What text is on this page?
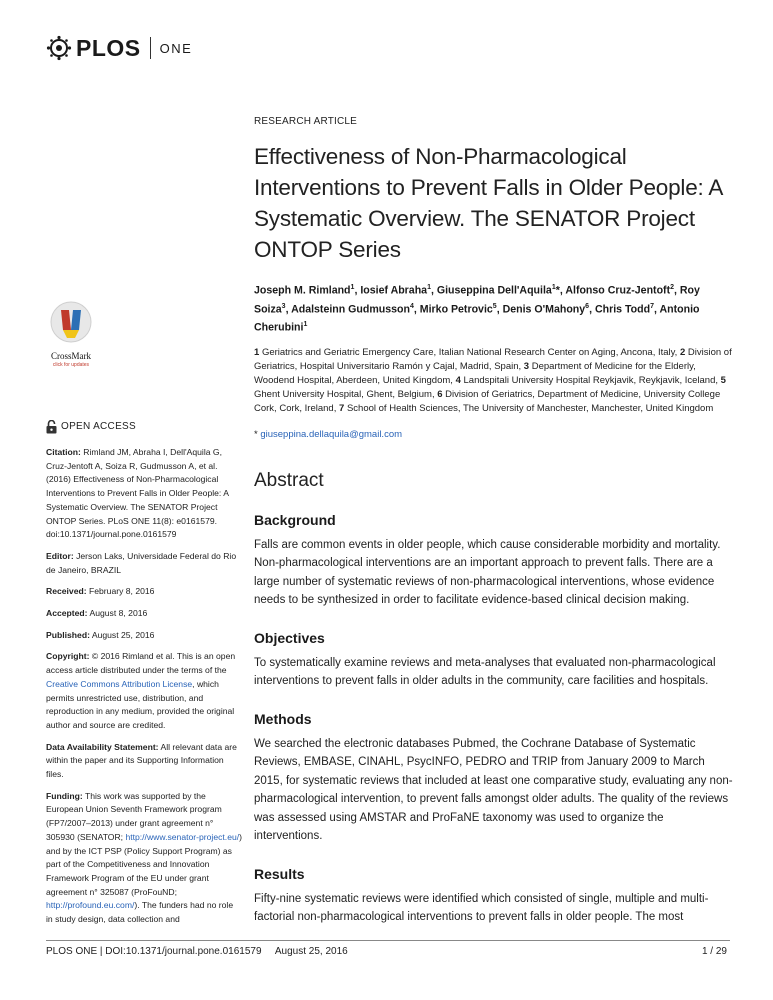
PLOS ONE
CrossMark
click for updates
OPEN ACCESS

Citation: Rimland JM, Abraha I, Dell'Aquila G, Cruz-Jentoft A, Soiza R, Gudmusson A, et al. (2016) Effectiveness of Non-Pharmacological Interventions to Prevent Falls in Older People: A Systematic Overview. The SENATOR Project ONTOP Series. PLoS ONE 11(8): e0161579. doi:10.1371/journal.pone.0161579

Editor: Jerson Laks, Universidade Federal do Rio de Janeiro, BRAZIL

Received: February 8, 2016

Accepted: August 8, 2016

Published: August 25, 2016

Copyright: © 2016 Rimland et al. This is an open access article distributed under the terms of the Creative Commons Attribution License, which permits unrestricted use, distribution, and reproduction in any medium, provided the original author and source are credited.

Data Availability Statement: All relevant data are within the paper and its Supporting Information files.

Funding: This work was supported by the European Union Seventh Framework program (FP7/2007–2013) under grant agreement n° 305930 (SENATOR; http://www.senator-project.eu/) and by the ICT PSP (Policy Support Program) as part of the Competitiveness and Innovation Framework Program of the EU under grant agreement n° 325087 (ProFouND; http://profound.eu.com/). The funders had no role in study design, data collection and

RESEARCH ARTICLE
Effectiveness of Non-Pharmacological Interventions to Prevent Falls in Older People: A Systematic Overview. The SENATOR Project ONTOP Series
Joseph M. Rimland$^1$, Iosief Abraha$^1$, Giuseppina Dell'Aquila$^1$*, Alfonso Cruz-Jentoft$^2$, Roy Soiza$^3$, Adalsteinn Gudmusson$^4$, Mirko Petrovic$^5$, Denis O'Mahony$^6$, Chris Todd$^7$, Antonio Cherubini$^1$
1 Geriatrics and Geriatric Emergency Care, Italian National Research Center on Aging, Ancona, Italy, 2 Division of Geriatrics, Hospital Universitario Ramón y Cajal, Madrid, Spain, 3 Department of Medicine for the Elderly, Woodend Hospital, Aberdeen, United Kingdom, 4 Landspitali University Hospital Reykjavik, Reykjavik, Iceland, 5 Ghent University Hospital, Ghent, Belgium, 6 Division of Geriatrics, Department of Medicine, University College Cork, Cork, Ireland, 7 School of Health Sciences, The University of Manchester, Manchester, United Kingdom
* giuseppina.dellaquila@gmail.com
Abstract
Background
Falls are common events in older people, which cause considerable morbidity and mortality. Non-pharmacological interventions are an important approach to prevent falls. There are a large number of systematic reviews of non-pharmacological interventions, whose evidence needs to be synthesized in order to facilitate evidence-based clinical decision making.
Objectives
To systematically examine reviews and meta-analyses that evaluated non-pharmacological interventions to prevent falls in older adults in the community, care facilities and hospitals.
Methods
We searched the electronic databases Pubmed, the Cochrane Database of Systematic Reviews, EMBASE, CINAHL, PsycINFO, PEDRO and TRIP from January 2009 to March 2015, for systematic reviews that included at least one comparative study, evaluating any non-pharmacological intervention, to prevent falls amongst older adults. The quality of the reviews was assessed using AMSTAR and ProFaNE taxonomy was used to organize the interventions.
Results
Fifty-nine systematic reviews were identified which consisted of single, multiple and multi-factorial non-pharmacological interventions to prevent falls in older people. The most
PLOS ONE | DOI:10.1371/journal.pone.0161579 August 25, 2016	1 / 29
